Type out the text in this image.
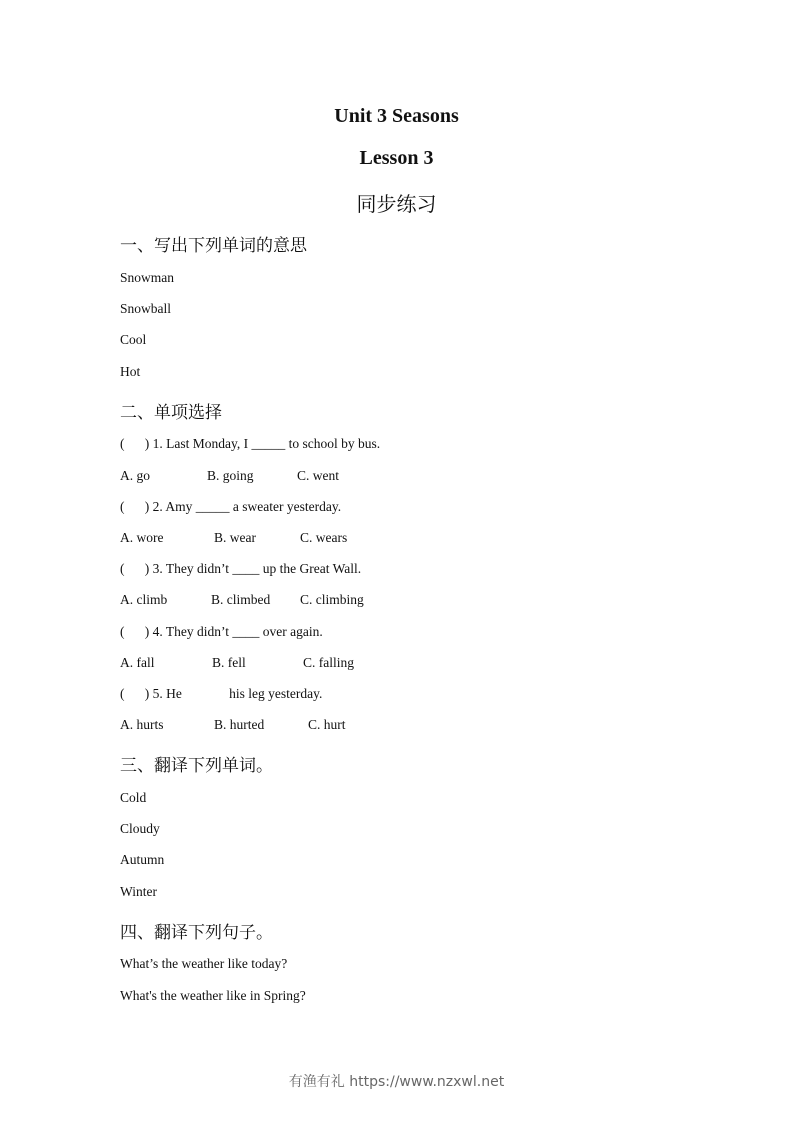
Unit 3 Seasons
Lesson 3
同步练习
一、写出下列单词的意思
Snowman
Snowball
Cool
Hot
二、单项选择
(      ) 1. Last Monday, I _____ to school by bus.
A. go	B. going	C. went
(      ) 2. Amy _____ a sweater yesterday.
A. wore	B. wear	C. wears
(      ) 3. They didn’t ____ up the Great Wall.
A. climb	B. climbed C. climbing
(      ) 4. They didn’t ____ over again.
A. fall	B. fell	C. falling
(      ) 5. He              his leg yesterday.
A. hurts	B. hurted	C. hurt
三、翻译下列单词。
Cold
Cloudy
Autumn
Winter
四、翻译下列句子。
What’s the weather like today?
What's the weather like in Spring?
有渔有礼 https://www.nzxwl.net
